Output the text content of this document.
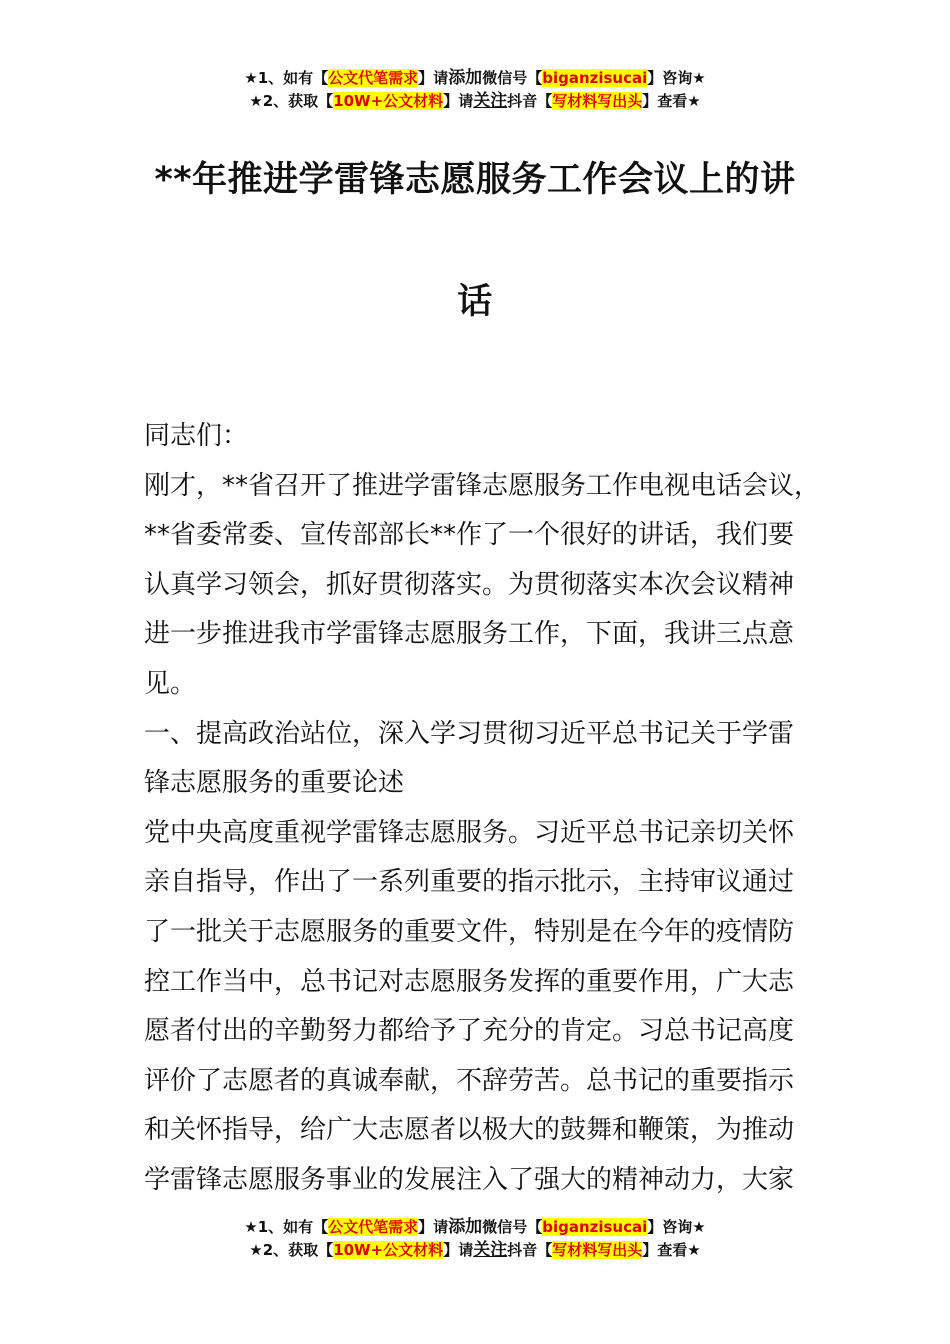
★1、如有【公文代笔需求】请添加微信号【biganzisucai】咨询★
★2、获取【10W+公文材料】请关注抖音【写材料写出头】查看★
**年推进学雷锋志愿服务工作会议上的讲
话
同志们：
刚才，**省召开了推进学雷锋志愿服务工作电视电话会议，
**省委常委、宣传部部长**作了一个很好的讲话，我们要
认真学习领会，抓好贯彻落实。为贯彻落实本次会议精神
进一步推进我市学雷锋志愿服务工作，下面，我讲三点意
见。
一、提高政治站位，深入学习贯彻习近平总书记关于学雷
锋志愿服务的重要论述
党中央高度重视学雷锋志愿服务。习近平总书记亲切关怀
亲自指导，作出了一系列重要的指示批示，主持审议通过
了一批关于志愿服务的重要文件，特别是在今年的疫情防
控工作当中，总书记对志愿服务发挥的重要作用，广大志
愿者付出的辛勤努力都给予了充分的肯定。习总书记高度
评价了志愿者的真诚奉献，不辞劳苦。总书记的重要指示
和关怀指导，给广大志愿者以极大的鼓舞和鞭策，为推动
学雷锋志愿服务事业的发展注入了强大的精神动力，大家
★1、如有【公文代笔需求】请添加微信号【biganzisucai】咨询★
★2、获取【10W+公文材料】请关注抖音【写材料写出头】查看★
